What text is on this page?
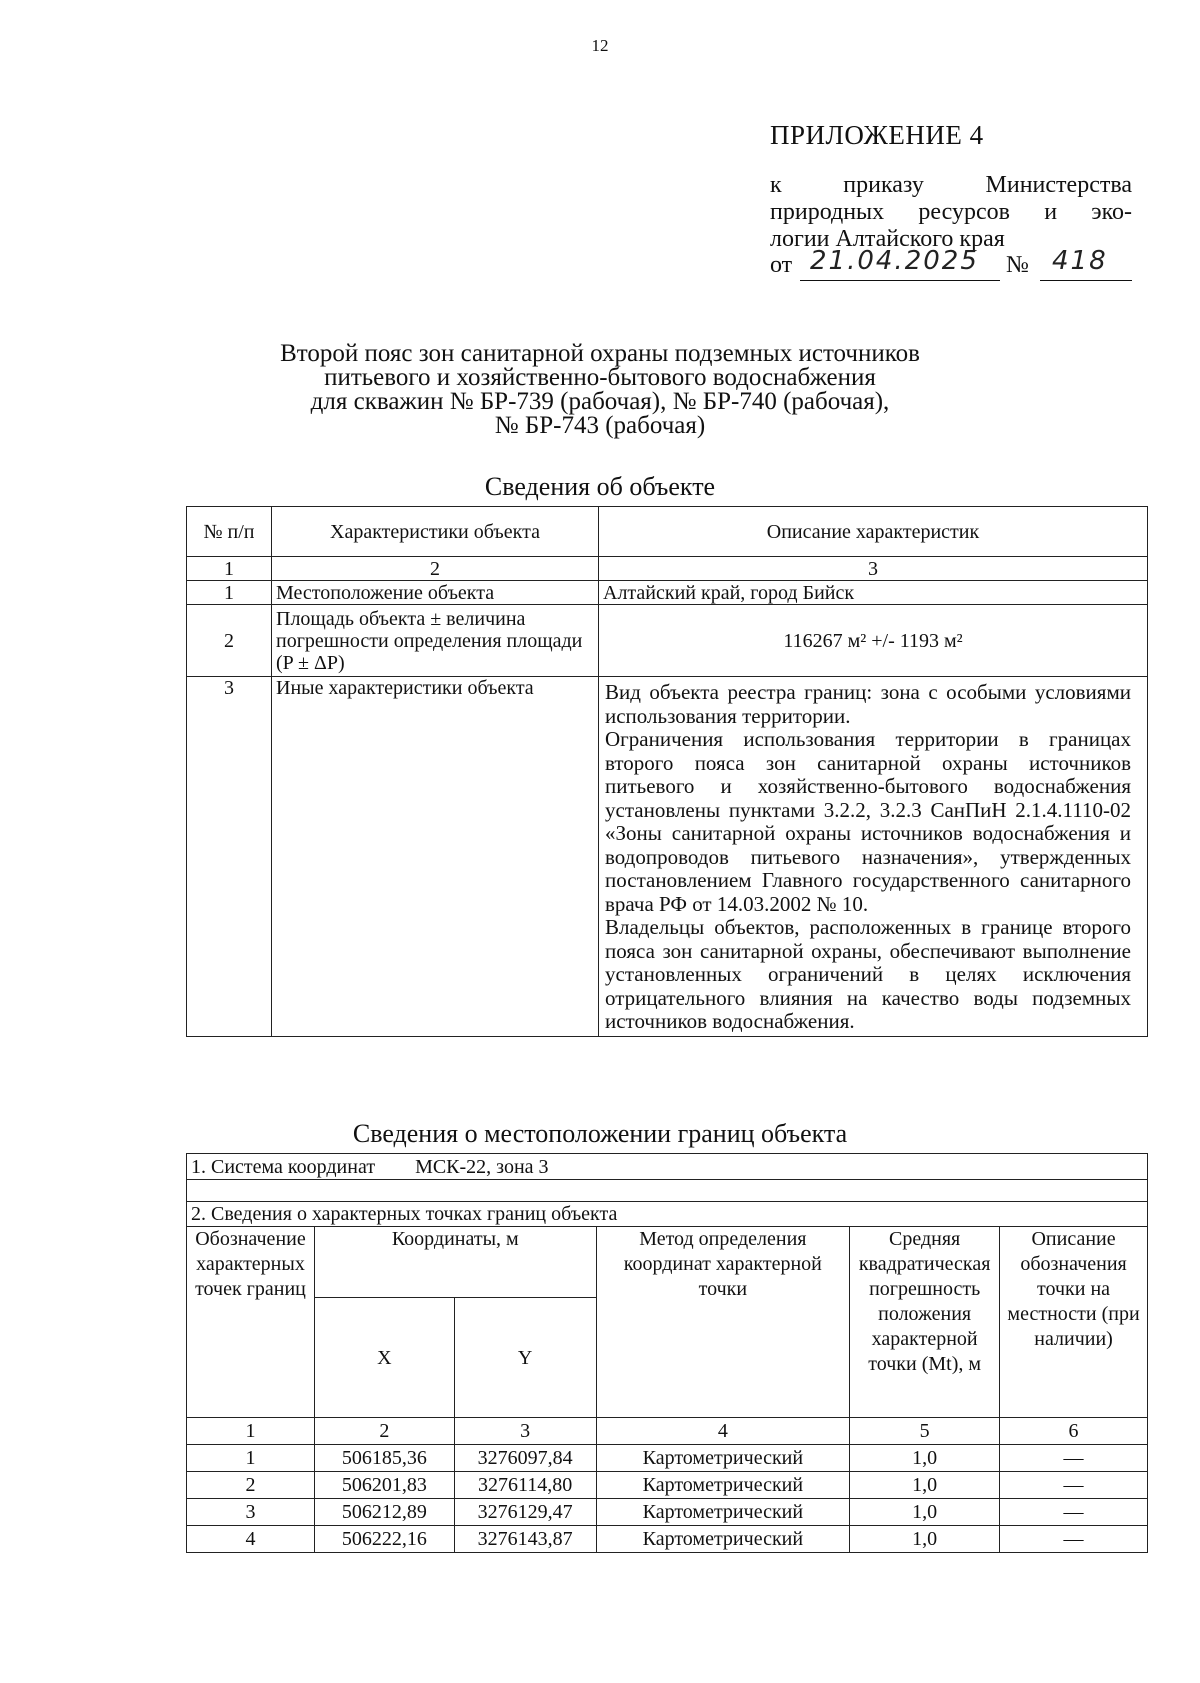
12
ПРИЛОЖЕНИЕ 4
к приказу Министерства
природных ресурсов и эко-
логии Алтайского края
от 21.04.2025 № 418
Второй пояс зон санитарной охраны подземных источников
питьевого и хозяйственно-бытового водоснабжения
для скважин № БР-739 (рабочая), № БР-740 (рабочая),
№ БР-743 (рабочая)
Сведения об объекте
№ п/п	Характеристики объекта	Описание характеристик
1	2	3
1	Местоположение объекта	Алтайский край, город Бийск
2	Площадь объекта ± величина погрешности определения площади (P ± ΔP)	116267 м² +/- 1193 м²
3	Иные характеристики объекта	Вид объекта реестра границ: зона с особыми условиями использования территории.

Ограничения использования территории в границах второго пояса зон санитарной охраны источников питьевого и хозяйственно-бытового водоснабжения установлены пунктами 3.2.2, 3.2.3 СанПиН 2.1.4.1110-02 «Зоны санитарной охраны источников водоснабжения и водопроводов питьевого назначения», утвержденных постановлением Главного государственного санитарного врача РФ от 14.03.2002 № 10.

Владельцы объектов, расположенных в границе второго пояса зон санитарной охраны, обеспечивают выполнение установленных ограничений в целях исключения отрицательного влияния на качество воды подземных источников водоснабжения.

Сведения о местоположении границ объекта
1. Система координат МСК-22, зона 3					

2. Сведения о характерных точках границ объекта					
Обозначение характерных точек границ	Координаты, м		Метод определения координат характерной точки	Средняя квадратическая погрешность положения характерной точки (Mt), м	Описание обозначения точки на местности (при наличии)
	X	Y			
1	2	3	4	5	6
1	506185,36	3276097,84	Картометрический	1,0	—
2	506201,83	3276114,80	Картометрический	1,0	—
3	506212,89	3276129,47	Картометрический	1,0	—
4	506222,16	3276143,87	Картометрический	1,0	—
